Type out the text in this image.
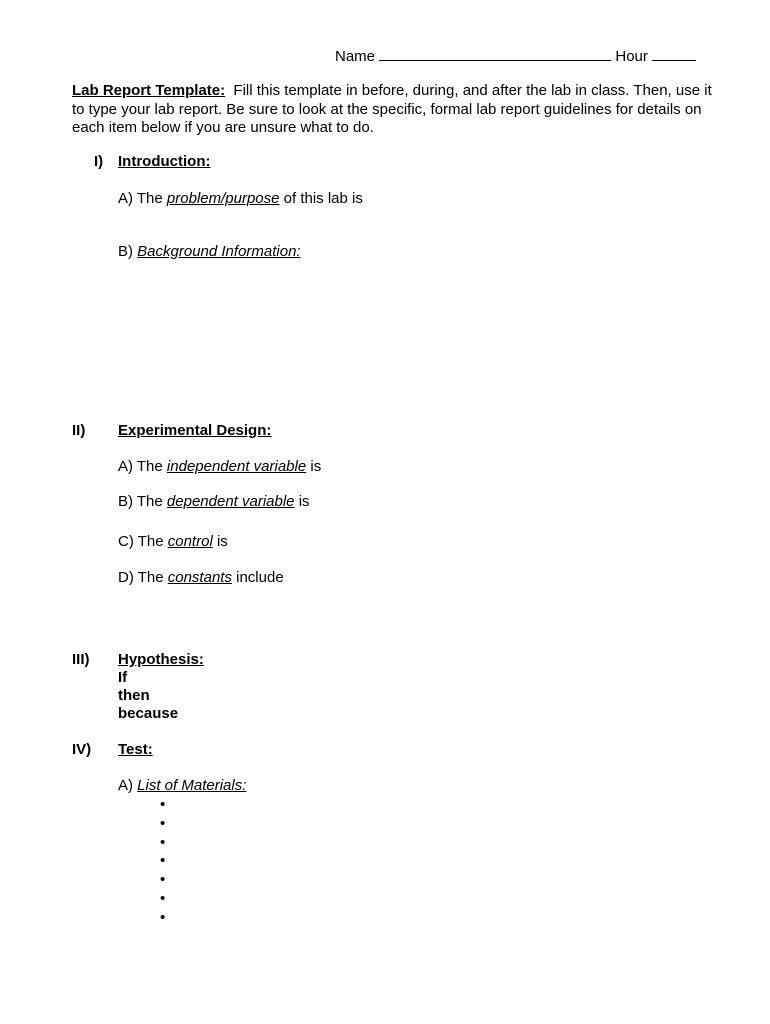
Name	Hour
Lab Report Template: Fill this template in before, during, and after the lab in class. Then, use it to type your lab report. Be sure to look at the specific, formal lab report guidelines for details on each item below if you are unsure what to do.
I) Introduction:
A) The problem/purpose of this lab is
B) Background Information:
II)	Experimental Design:
A) The independent variable is
B) The dependent variable is
C) The control is
D) The constants include
III)	Hypothesis:
If
then
because
IV)	Test:
A) List of Materials:
•
•
•
•
•
•
•
